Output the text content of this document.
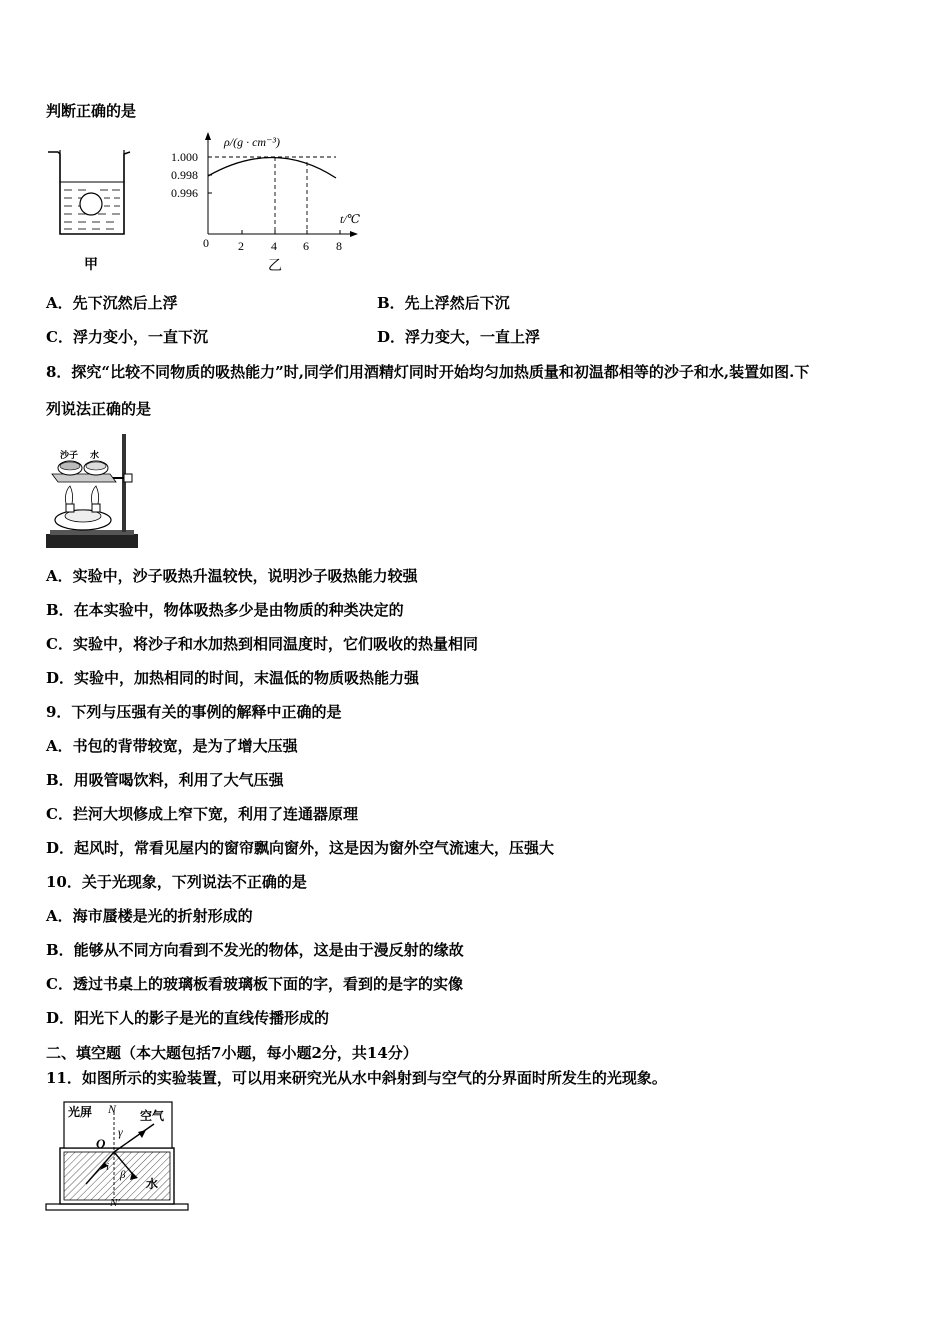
判断正确的是
甲
ρ/(g · cm⁻³)
1.000
0.998
0.996
t/℃
0 2 4 6 8
乙
A．先下沉然后上浮	B．先上浮然后下沉
C．浮力变小，一直下沉	D．浮力变大，一直上浮
8．探究“比较不同物质的吸热能力”时,同学们用酒精灯同时开始均匀加热质量和初温都相等的沙子和水,装置如图.下
列说法正确的是
沙子 水
A．实验中，沙子吸热升温较快，说明沙子吸热能力较强
B．在本实验中，物体吸热多少是由物质的种类决定的
C．实验中，将沙子和水加热到相同温度时，它们吸收的热量相同
D．实验中，加热相同的时间，末温低的物质吸热能力强
9．下列与压强有关的事例的解释中正确的是
A．书包的背带较宽，是为了增大压强
B．用吸管喝饮料，利用了大气压强
C．拦河大坝修成上窄下宽，利用了连通器原理
D．起风时，常看见屋内的窗帘飘向窗外，这是因为窗外空气流速大，压强大
10．关于光现象，下列说法不正确的是
A．海市蜃楼是光的折射形成的
B．能够从不同方向看到不发光的物体，这是由于漫反射的缘故
C．透过书桌上的玻璃板看玻璃板下面的字，看到的是字的实像
D．阳光下人的影子是光的直线传播形成的
二、填空题（本大题包括7小题，每小题2分，共14分）
11．如图所示的实验装置，可以用来研究光从水中斜射到与空气的分界面时所发生的光现象。
光屏	空气
水
N
N'
O
γ
i
β
